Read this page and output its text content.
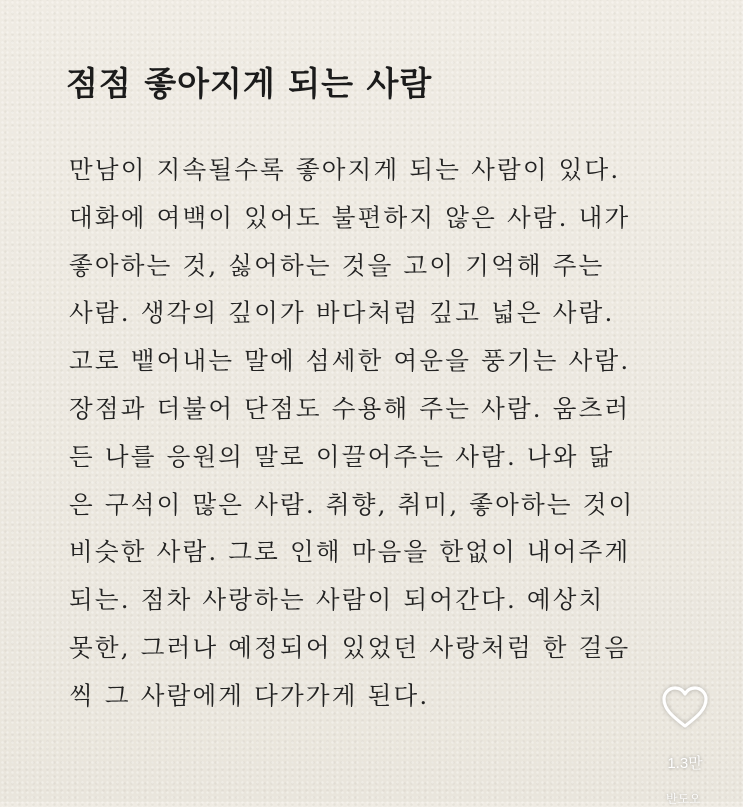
점점 좋아지게 되는 사람
만남이 지속될수록 좋아지게 되는 사람이 있다.
대화에 여백이 있어도 불편하지 않은 사람. 내가
좋아하는 것, 싫어하는 것을 고이 기억해 주는
사람. 생각의 깊이가 바다처럼 깊고 넓은 사람.
고로 뱉어내는 말에 섬세한 여운을 풍기는 사람.
장점과 더불어 단점도 수용해 주는 사람. 움츠러
든 나를 응원의 말로 이끌어주는 사람. 나와 닮
은 구석이 많은 사람. 취향, 취미, 좋아하는 것이
비슷한 사람. 그로 인해 마음을 한없이 내어주게
되는. 점차 사랑하는 사람이 되어간다. 예상치
못한, 그러나 예정되어 있었던 사랑처럼 한 걸음
씩 그 사람에게 다가가게 된다.
1.3만
반도오
